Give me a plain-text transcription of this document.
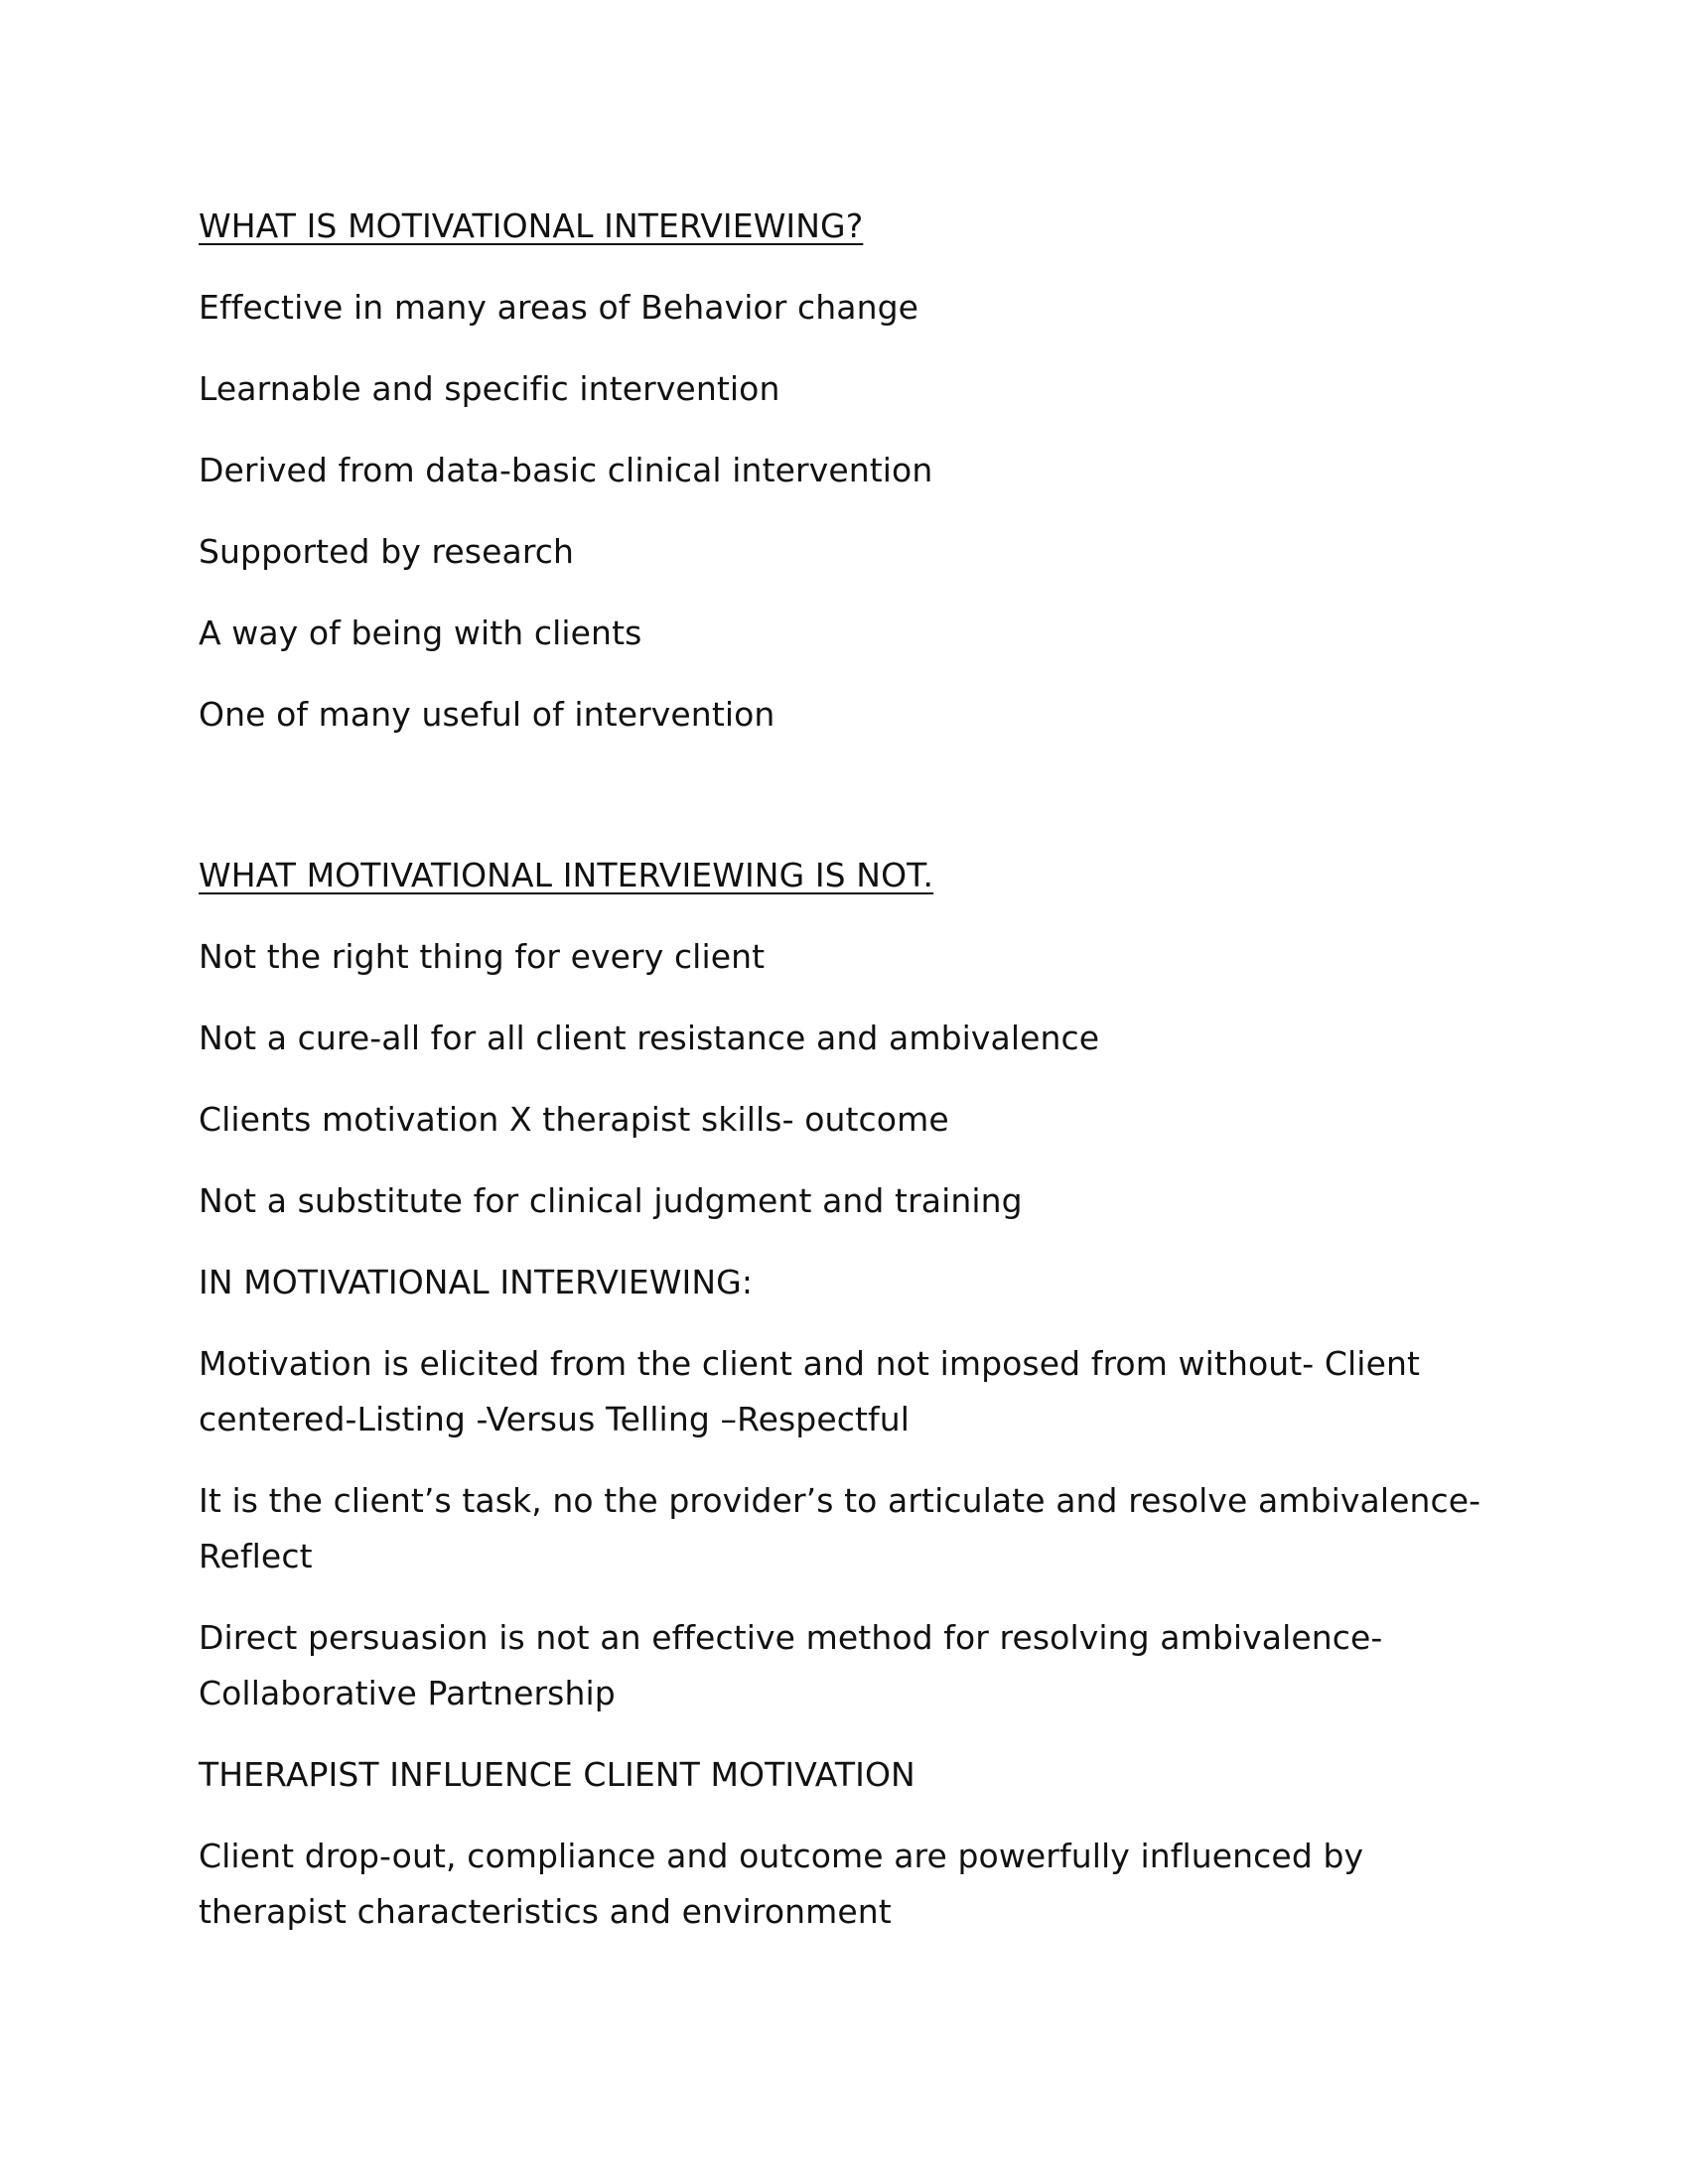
WHAT IS MOTIVATIONAL INTERVIEWING?
Effective in many areas of Behavior change
Learnable and specific intervention
Derived from data-basic clinical intervention
Supported by research
A way of being with clients
One of many useful of intervention
WHAT MOTIVATIONAL INTERVIEWING IS NOT.
Not the right thing for every client
Not a cure-all for all client resistance and ambivalence
Clients motivation X therapist skills- outcome
Not a substitute for clinical judgment and training
IN MOTIVATIONAL INTERVIEWING:
Motivation is elicited from the client and not imposed from without- Client centered-Listing -Versus Telling –Respectful
It is the client’s task, no the provider’s to articulate and resolve ambivalence-Reflect
Direct persuasion is not an effective method for resolving ambivalence-Collaborative Partnership
THERAPIST INFLUENCE CLIENT MOTIVATION
Client drop-out, compliance and outcome are powerfully influenced by therapist characteristics and environment
